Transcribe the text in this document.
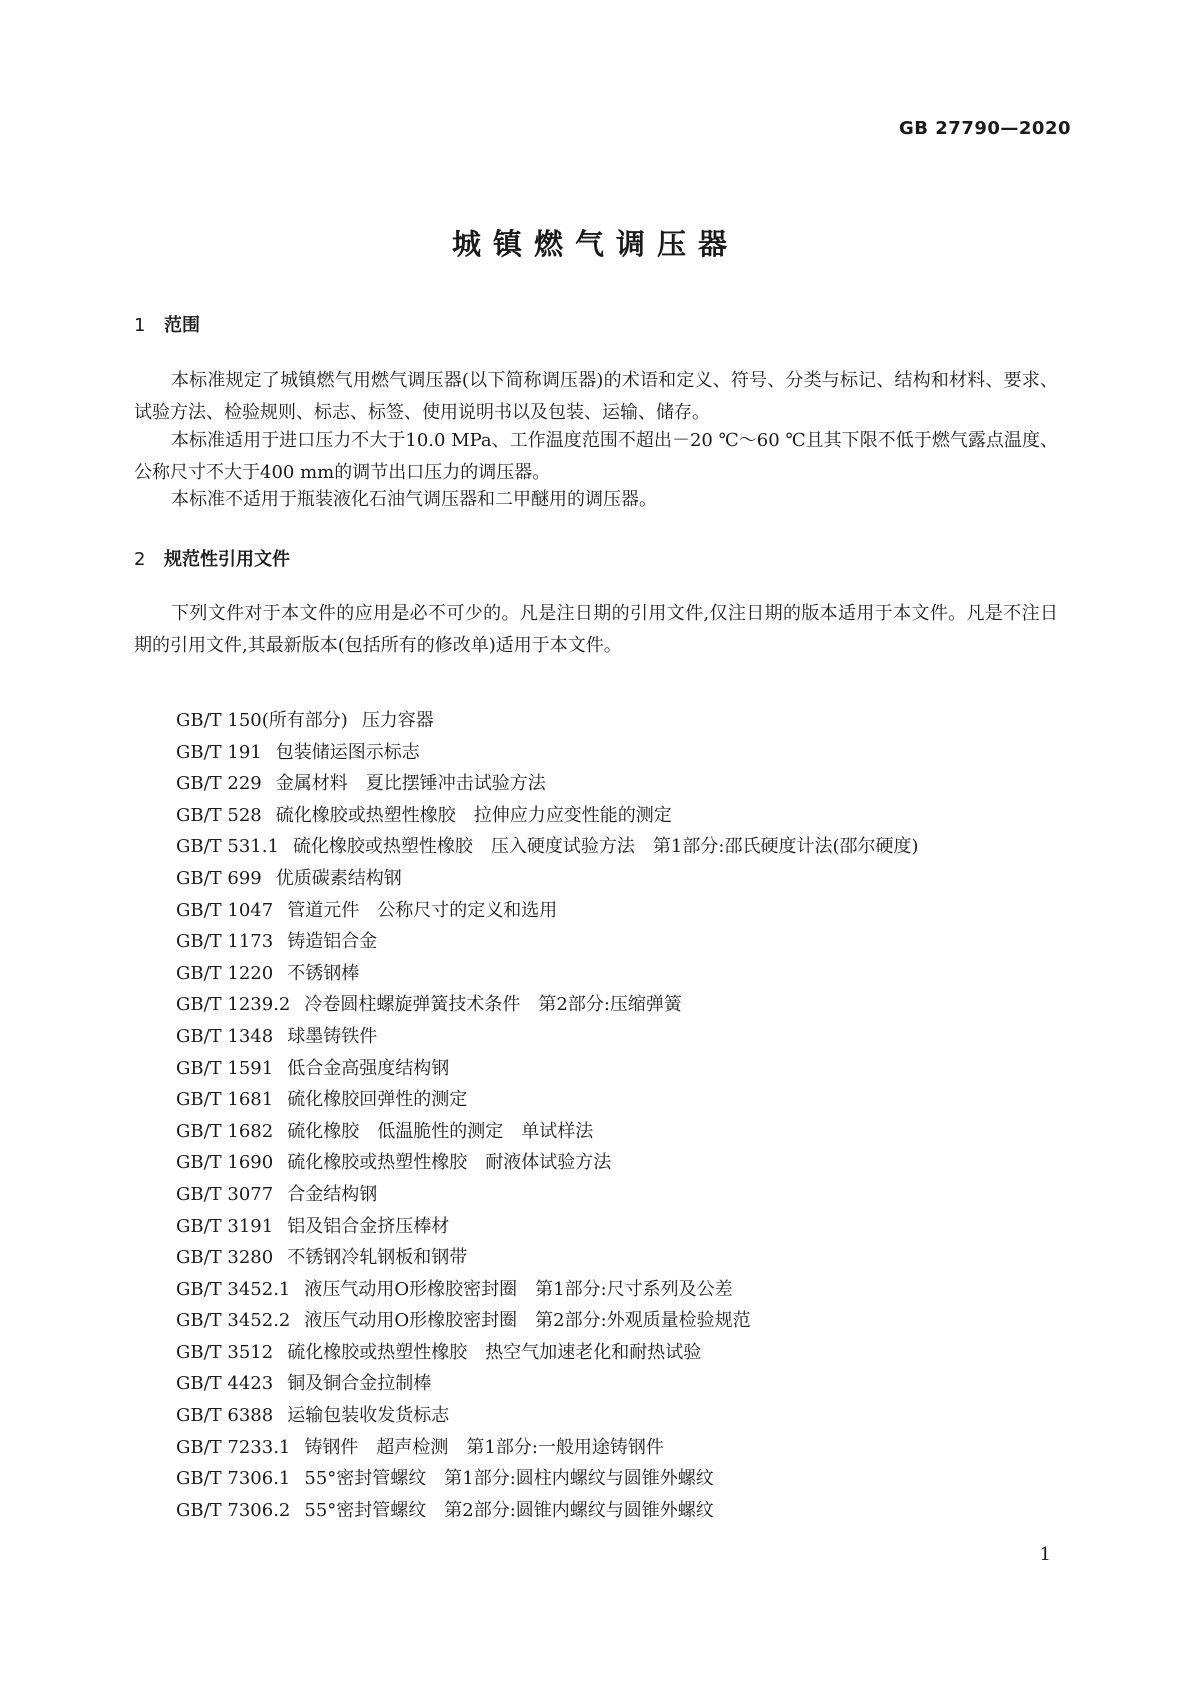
GB 27790—2020
城镇燃气调压器
1 范围
本标准规定了城镇燃气用燃气调压器(以下简称调压器)的术语和定义、符号、分类与标记、结构和材料、要求、试验方法、检验规则、标志、标签、使用说明书以及包装、运输、储存。
本标准适用于进口压力不大于10.0 MPa、工作温度范围不超出－20 ℃～60 ℃且其下限不低于燃气露点温度、公称尺寸不大于400 mm的调节出口压力的调压器。
本标准不适用于瓶装液化石油气调压器和二甲醚用的调压器。
2 规范性引用文件
下列文件对于本文件的应用是必不可少的。凡是注日期的引用文件,仅注日期的版本适用于本文件。凡是不注日期的引用文件,其最新版本(包括所有的修改单)适用于本文件。
GB/T 150(所有部分) 压力容器
GB/T 191 包装储运图示标志
GB/T 229 金属材料　夏比摆锤冲击试验方法
GB/T 528 硫化橡胶或热塑性橡胶　拉伸应力应变性能的测定
GB/T 531.1 硫化橡胶或热塑性橡胶　压入硬度试验方法　第1部分:邵氏硬度计法(邵尔硬度)
GB/T 699 优质碳素结构钢
GB/T 1047 管道元件　公称尺寸的定义和选用
GB/T 1173 铸造铝合金
GB/T 1220 不锈钢棒
GB/T 1239.2 冷卷圆柱螺旋弹簧技术条件　第2部分:压缩弹簧
GB/T 1348 球墨铸铁件
GB/T 1591 低合金高强度结构钢
GB/T 1681 硫化橡胶回弹性的测定
GB/T 1682 硫化橡胶　低温脆性的测定　单试样法
GB/T 1690 硫化橡胶或热塑性橡胶　耐液体试验方法
GB/T 3077 合金结构钢
GB/T 3191 铝及铝合金挤压棒材
GB/T 3280 不锈钢冷轧钢板和钢带
GB/T 3452.1 液压气动用O形橡胶密封圈　第1部分:尺寸系列及公差
GB/T 3452.2 液压气动用O形橡胶密封圈　第2部分:外观质量检验规范
GB/T 3512 硫化橡胶或热塑性橡胶　热空气加速老化和耐热试验
GB/T 4423 铜及铜合金拉制棒
GB/T 6388 运输包装收发货标志
GB/T 7233.1 铸钢件　超声检测　第1部分:一般用途铸钢件
GB/T 7306.1 55°密封管螺纹　第1部分:圆柱内螺纹与圆锥外螺纹
GB/T 7306.2 55°密封管螺纹　第2部分:圆锥内螺纹与圆锥外螺纹
1
